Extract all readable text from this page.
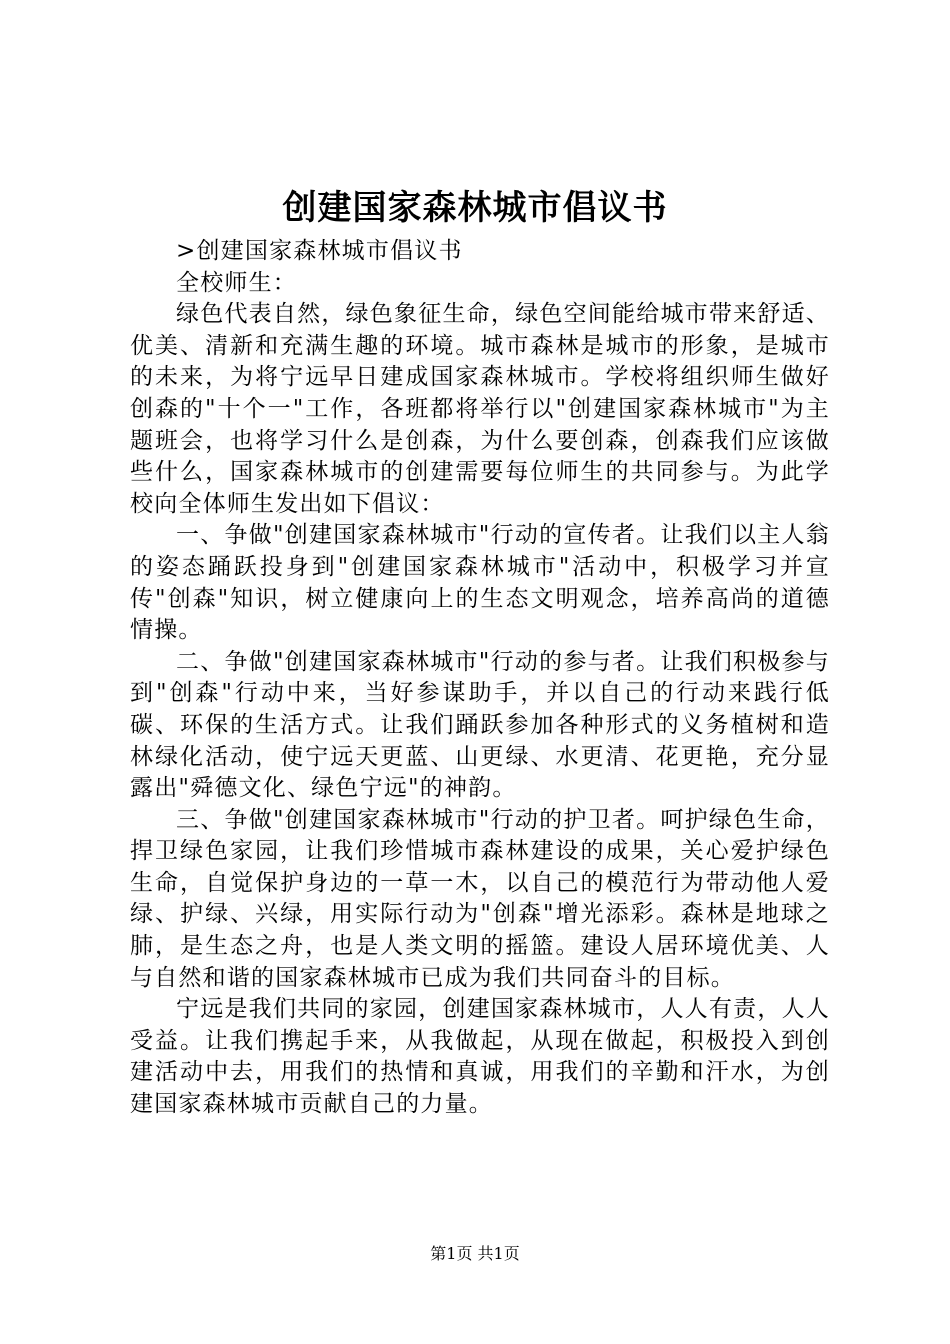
创建国家森林城市倡议书

>创建国家森林城市倡议书

全校师生：

绿色代表自然，绿色象征生命，绿色空间能给城市带来舒适、优美、清新和充满生趣的环境。城市森林是城市的形象，是城市的未来，为将宁远早日建成国家森林城市。学校将组织师生做好创森的"十个一"工作，各班都将举行以"创建国家森林城市"为主题班会，也将学习什么是创森，为什么要创森，创森我们应该做些什么，国家森林城市的创建需要每位师生的共同参与。为此学校向全体师生发出如下倡议：

一、争做"创建国家森林城市"行动的宣传者。让我们以主人翁的姿态踊跃投身到"创建国家森林城市"活动中，积极学习并宣传"创森"知识，树立健康向上的生态文明观念，培养高尚的道德情操。

二、争做"创建国家森林城市"行动的参与者。让我们积极参与到"创森"行动中来，当好参谋助手，并以自己的行动来践行低碳、环保的生活方式。让我们踊跃参加各种形式的义务植树和造林绿化活动，使宁远天更蓝、山更绿、水更清、花更艳，充分显露出"舜德文化、绿色宁远"的神韵。

三、争做"创建国家森林城市"行动的护卫者。呵护绿色生命，捍卫绿色家园，让我们珍惜城市森林建设的成果，关心爱护绿色生命，自觉保护身边的一草一木，以自己的模范行为带动他人爱绿、护绿、兴绿，用实际行动为"创森"增光添彩。森林是地球之肺，是生态之舟，也是人类文明的摇篮。建设人居环境优美、人与自然和谐的国家森林城市已成为我们共同奋斗的目标。

宁远是我们共同的家园，创建国家森林城市，人人有责，人人受益。让我们携起手来，从我做起，从现在做起，积极投入到创建活动中去，用我们的热情和真诚，用我们的辛勤和汗水，为创建国家森林城市贡献自己的力量。

第1页 共1页
